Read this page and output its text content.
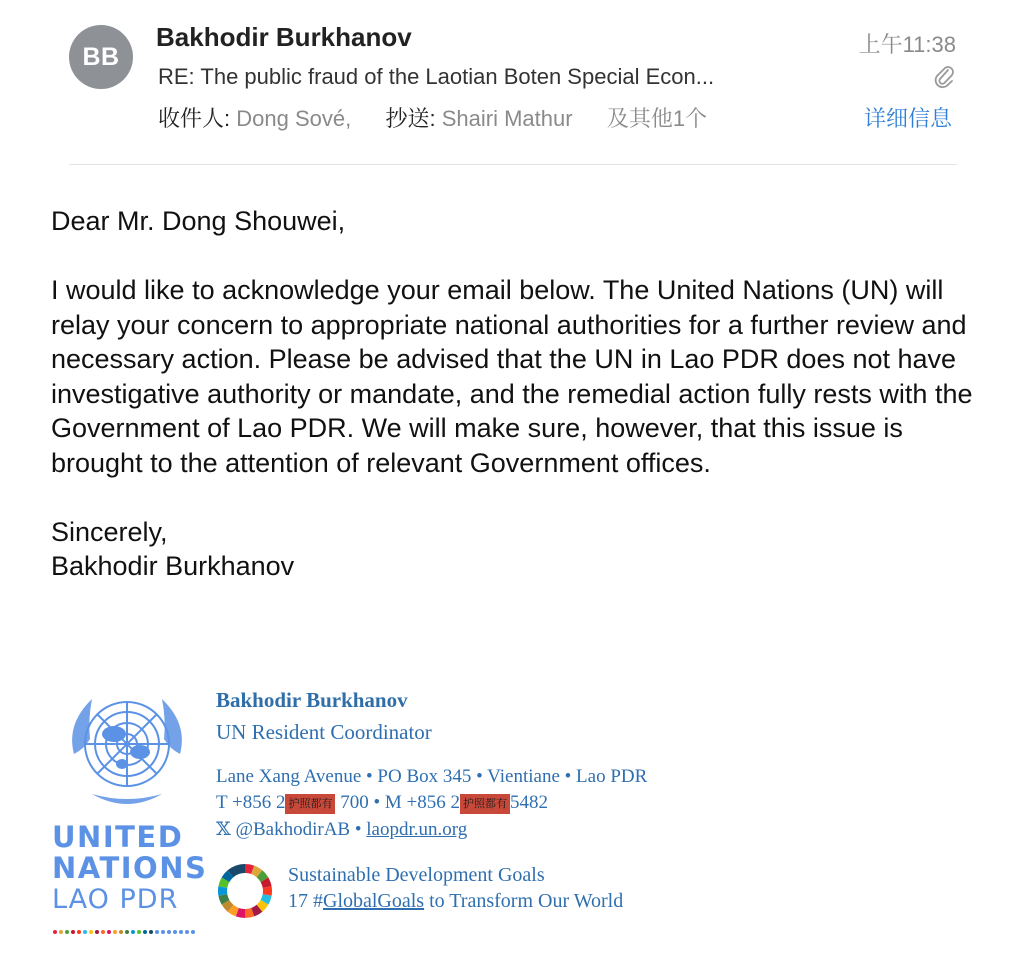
BB
Bakhodir Burkhanov	上午11:38
RE: The public fraud of the Laotian Boten Special Econ...
收件人: Dong Sové, 抄送: Shairi Mathur 及其他1个	详细信息

Dear Mr. Dong Shouwei,

I would like to acknowledge your email below. The United Nations (UN) will relay your concern to appropriate national authorities for a further review and necessary action. Please be advised that the UN in Lao PDR does not have investigative authority or mandate, and the remedial action fully rests with the Government of Lao PDR. We will make sure, however, that this issue is brought to the attention of relevant Government offices.

Sincerely,

Bakhodir Burkhanov

UNITED
NATIONS
LAO PDR
Bakhodir Burkhanov
UN Resident Coordinator
Lane Xang Avenue • PO Box 345 • Vientiane • Lao PDR
T +856 2 护照都有 700 • M +856 2 护照都有 5482
𝕏 @BakhodirAB • laopdr.un.org
Sustainable Development Goals
17 #GlobalGoals to Transform Our World
